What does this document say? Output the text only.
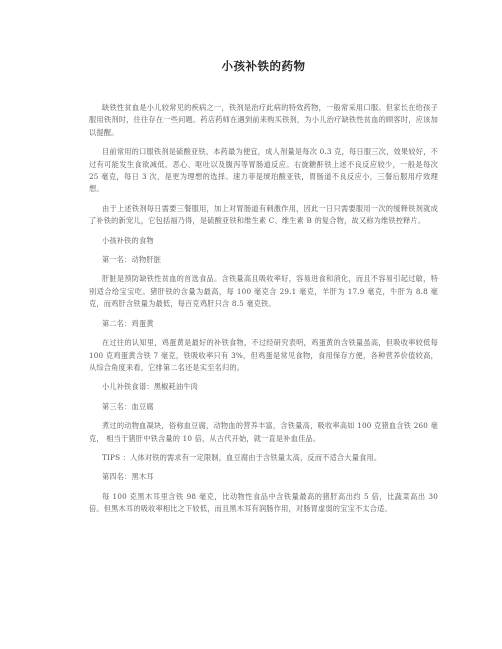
小孩补铁的药物

缺铁性贫血是小儿较常见的疾病之一，铁剂是治疗此病的特效药物，一般常采用口服。但家长在给孩子服用铁剂时，往往存在一些问题。药店药师在遇到前来购买铁剂，为小儿治疗缺铁性贫血的顾客时，应该加以提醒。

目前常用的口服铁剂是硫酸亚铁，本药最为便宜，成人剂量是每次 0.3 克，每日服三次，效果较好，不过有可能发生食欲减低、恶心、呕吐以及腹泻等胃肠道反应。右旋糖酐铁上述不良反应较少，一般是每次 25 毫克，每日 3 次，是更为理想的选择。速力菲是琥珀酸亚铁，胃肠道不良反应小，三餐后服用疗效理想。

由于上述铁剂每日需要三餐服用，加上对胃肠道有刺激作用，因此一日只需要服用一次的缓释铁剂就成了补铁的新宠儿，它包括福乃得，是硫酸亚铁和维生素 C、维生素 B 的复合物，故又称为维铁控释片。

小孩补铁的食物

第一名：动物肝脏

肝脏是预防缺铁性贫血的首选食品。含铁量高且吸收率好，容易进食和消化，而且不容易引起过敏，特别适合给宝宝吃。猪肝铁的含量为最高，每 100 毫克含 29.1 毫克，羊肝为 17.9 毫克，牛肝为 8.8 毫克，而鸡肝含铁量为最低，每百克鸡肝只含 8.5 毫克铁。

第二名：鸡蛋黄

在过往的认知里，鸡蛋黄是最好的补铁食物，不过经研究表明，鸡蛋黄的含铁量虽高，但吸收率较低每 100 克鸡蛋黄含铁 7 毫克，铁吸收率只有 3%，但鸡蛋是常见食物，食用保存方便，各种营养价值较高，从综合角度来看，它排第二名还是实至名归的。

小儿补铁食谱：黑椒耗油牛肉

第三名：血豆腐

煮过的动物血凝块，俗称血豆腐，动物血的营养丰富，含铁量高，吸收率高如 100 克猪血含铁 260 毫克， 相当于猪肝中铁含量的 10 倍，从古代开始，就一直是补血佳品。

TIPS ：人体对铁的需求有一定限制，血豆腐由于含铁量太高，反而不适合大量食用。

第四名：黑木耳

每 100 克黑木耳里含铁 98 毫克，比动物性食品中含铁量最高的猪肝高出约 5 倍，比蔬菜高出 30 倍。但黑木耳的吸收率相比之下较低，而且黑木耳有润肠作用，对肠胃虚弱的宝宝不太合适。
